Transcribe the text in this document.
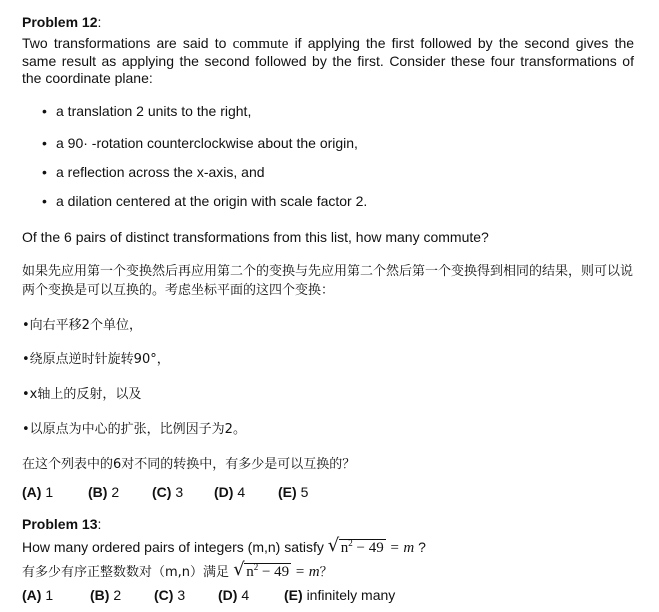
Problem 12:
Two transformations are said to commute if applying the first followed by the second gives the same result as applying the second followed by the first. Consider these four transformations of the coordinate plane:
• a translation 2 units to the right,
• a 90· -rotation counterclockwise about the origin,
• a reflection across the x-axis, and
• a dilation centered at the origin with scale factor 2.
Of the 6 pairs of distinct transformations from this list, how many commute?
如果先应用第一个变换然后再应用第二个的变换与先应用第二个然后第一个变换得到相同的结果，则可以说两个变换是可以互换的。考虑坐标平面的这四个变换：
•向右平移2个单位，
•绕原点逆时针旋转90°，
•x轴上的反射，以及
•以原点为中心的扩张，比例因子为2。
在这个列表中的6对不同的转换中，有多少是可以互换的？
(A) 1 (B) 2 (C) 3 (D) 4 (E) 5
Problem 13:
How many ordered pairs of integers (m,n) satisfy √ $n^2 - 49 = m$ ?
有多少有序正整数数对（m,n）满足 √ $n^2 - 49 = m$？
(A) 1	(B) 2 (C) 3 (D) 4 (E) infinitely many
